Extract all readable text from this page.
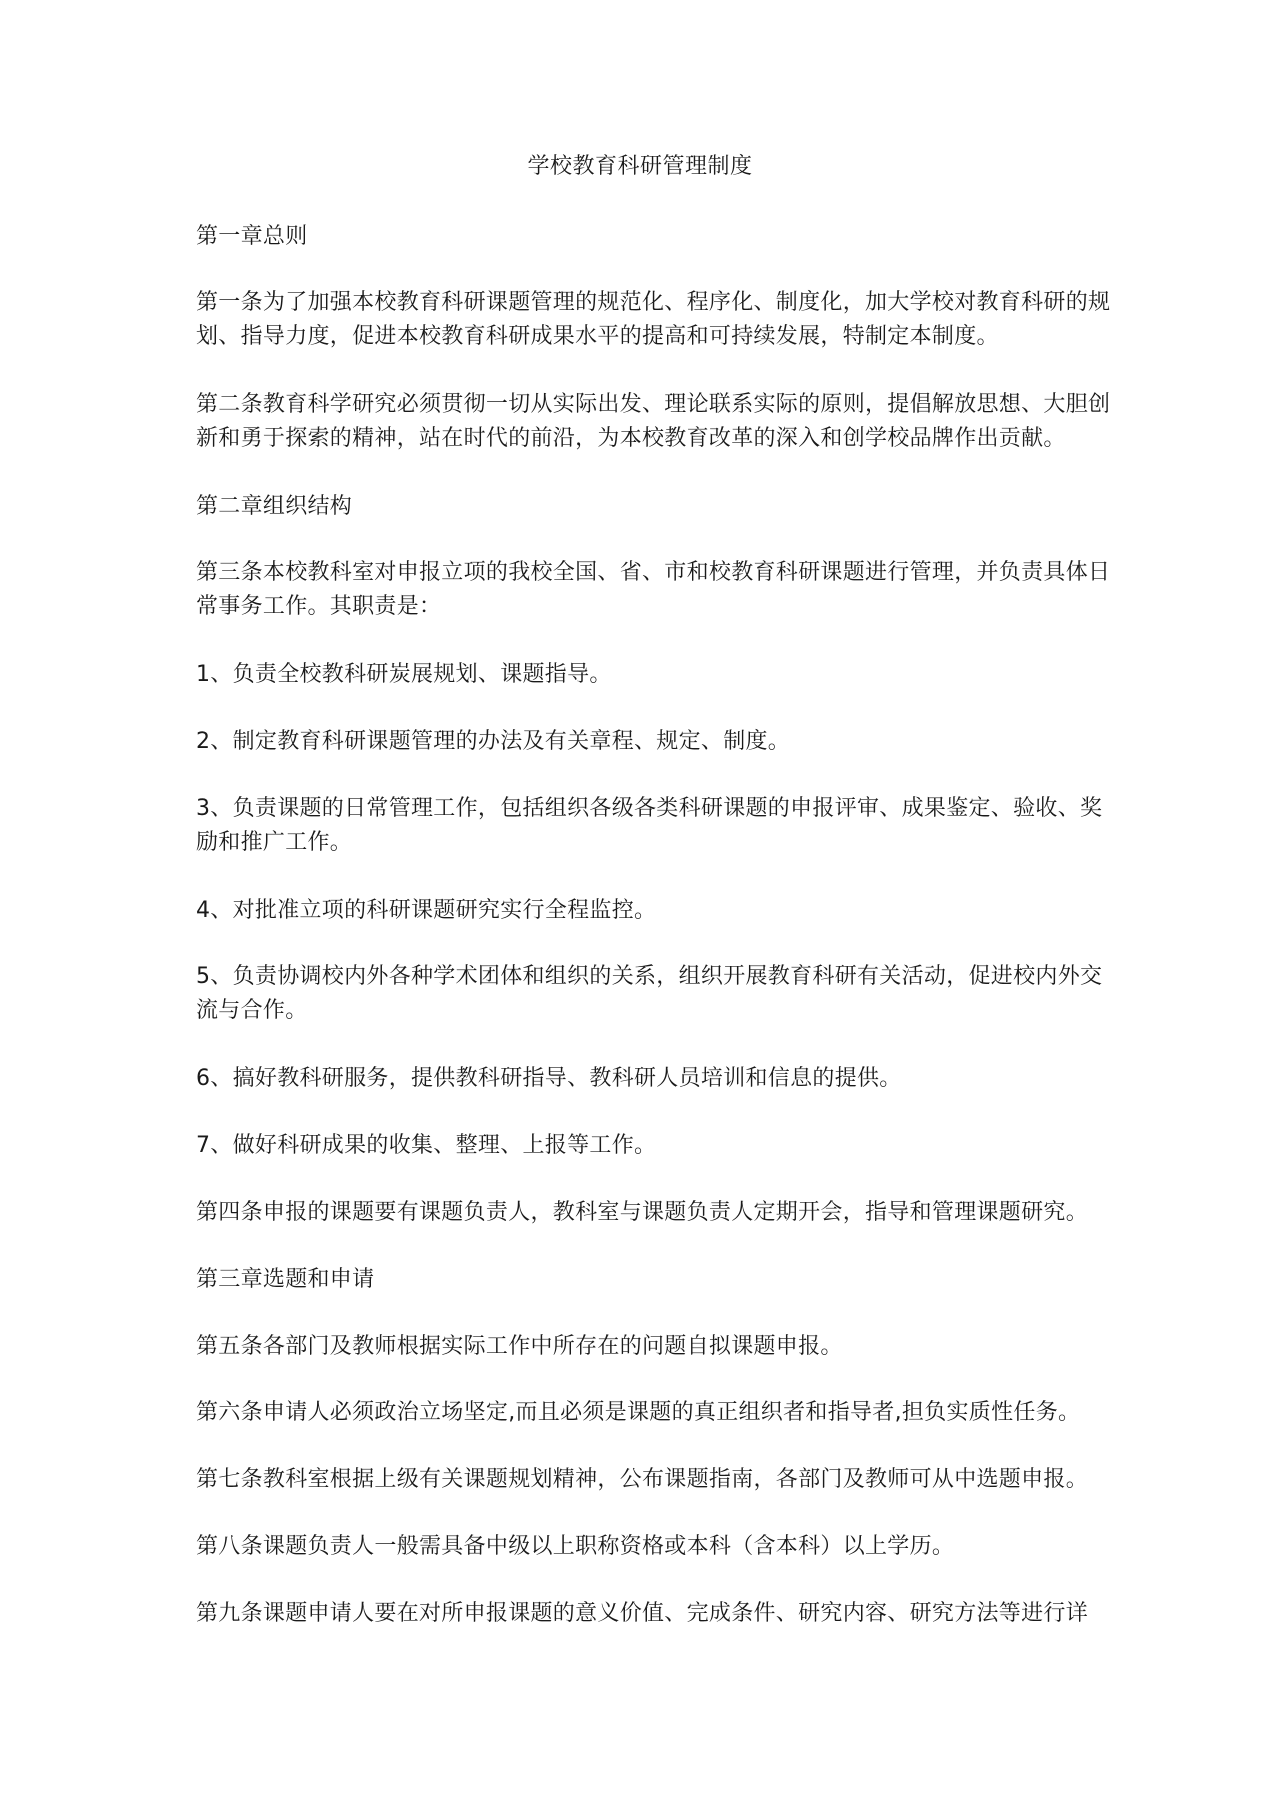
学校教育科研管理制度

第一章总则

第一条为了加强本校教育科研课题管理的规范化、程序化、制度化，加大学校对教育科研的规划、指导力度，促进本校教育科研成果水平的提高和可持续发展，特制定本制度。

第二条教育科学研究必须贯彻一切从实际出发、理论联系实际的原则，提倡解放思想、大胆创新和勇于探索的精神，站在时代的前沿，为本校教育改革的深入和创学校品牌作出贡献。

第二章组织结构

第三条本校教科室对申报立项的我校全国、省、市和校教育科研课题进行管理，并负责具体日常事务工作。其职责是：

1、负责全校教科研炭展规划、课题指导。

2、制定教育科研课题管理的办法及有关章程、规定、制度。

3、负责课题的日常管理工作，包括组织各级各类科研课题的申报评审、成果鉴定、验收、奖励和推广工作。

4、对批准立项的科研课题研究实行全程监控。

5、负责协调校内外各种学术团体和组织的关系，组织开展教育科研有关活动，促进校内外交流与合作。

6、搞好教科研服务，提供教科研指导、教科研人员培训和信息的提供。

7、做好科研成果的收集、整理、上报等工作。

第四条申报的课题要有课题负责人，教科室与课题负责人定期开会，指导和管理课题研究。

第三章选题和申请

第五条各部门及教师根据实际工作中所存在的问题自拟课题申报。

第六条申请人必须政治立场坚定,而且必须是课题的真正组织者和指导者,担负实质性任务。

第七条教科室根据上级有关课题规划精神，公布课题指南，各部门及教师可从中选题申报。

第八条课题负责人一般需具备中级以上职称资格或本科（含本科）以上学历。

第九条课题申请人要在对所申报课题的意义价值、完成条件、研究内容、研究方法等进行详
